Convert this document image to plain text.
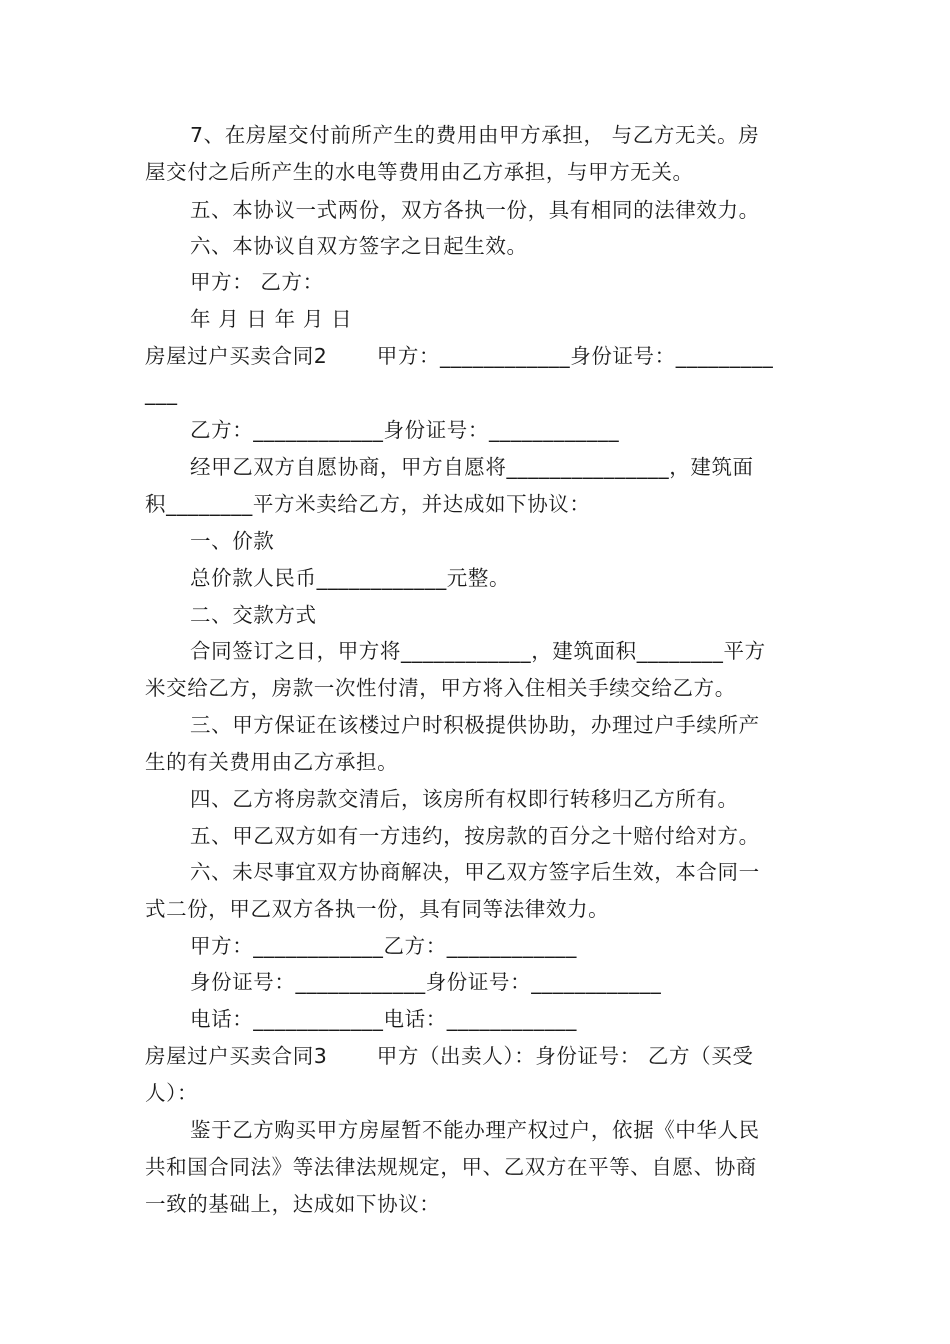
7、在房屋交付前所产生的费用由甲方承担， 与乙方无关。房
屋交付之后所产生的水电等费用由乙方承担，与甲方无关。
五、本协议一式两份，双方各执一份，具有相同的法律效力。
六、本协议自双方签字之日起生效。
甲方： 乙方：
年 月 日 年 月 日
房屋过户买卖合同2　　 甲方：____________身份证号：_________
___
乙方：____________身份证号：____________
经甲乙双方自愿协商，甲方自愿将_______________，建筑面
积________平方米卖给乙方，并达成如下协议：
一、价款
总价款人民币____________元整。
二、交款方式
合同签订之日，甲方将____________，建筑面积________平方
米交给乙方，房款一次性付清，甲方将入住相关手续交给乙方。
三、甲方保证在该楼过户时积极提供协助，办理过户手续所产
生的有关费用由乙方承担。
四、乙方将房款交清后，该房所有权即行转移归乙方所有。
五、甲乙双方如有一方违约，按房款的百分之十赔付给对方。
六、未尽事宜双方协商解决，甲乙双方签字后生效，本合同一
式二份，甲乙双方各执一份，具有同等法律效力。
甲方：____________乙方：____________
身份证号：____________身份证号：____________
电话：____________电话：____________
房屋过户买卖合同3　　 甲方（出卖人）：身份证号： 乙方（买受
人）：
鉴于乙方购买甲方房屋暂不能办理产权过户，依据《中华人民
共和国合同法》等法律法规规定，甲、乙双方在平等、自愿、协商
一致的基础上，达成如下协议：
